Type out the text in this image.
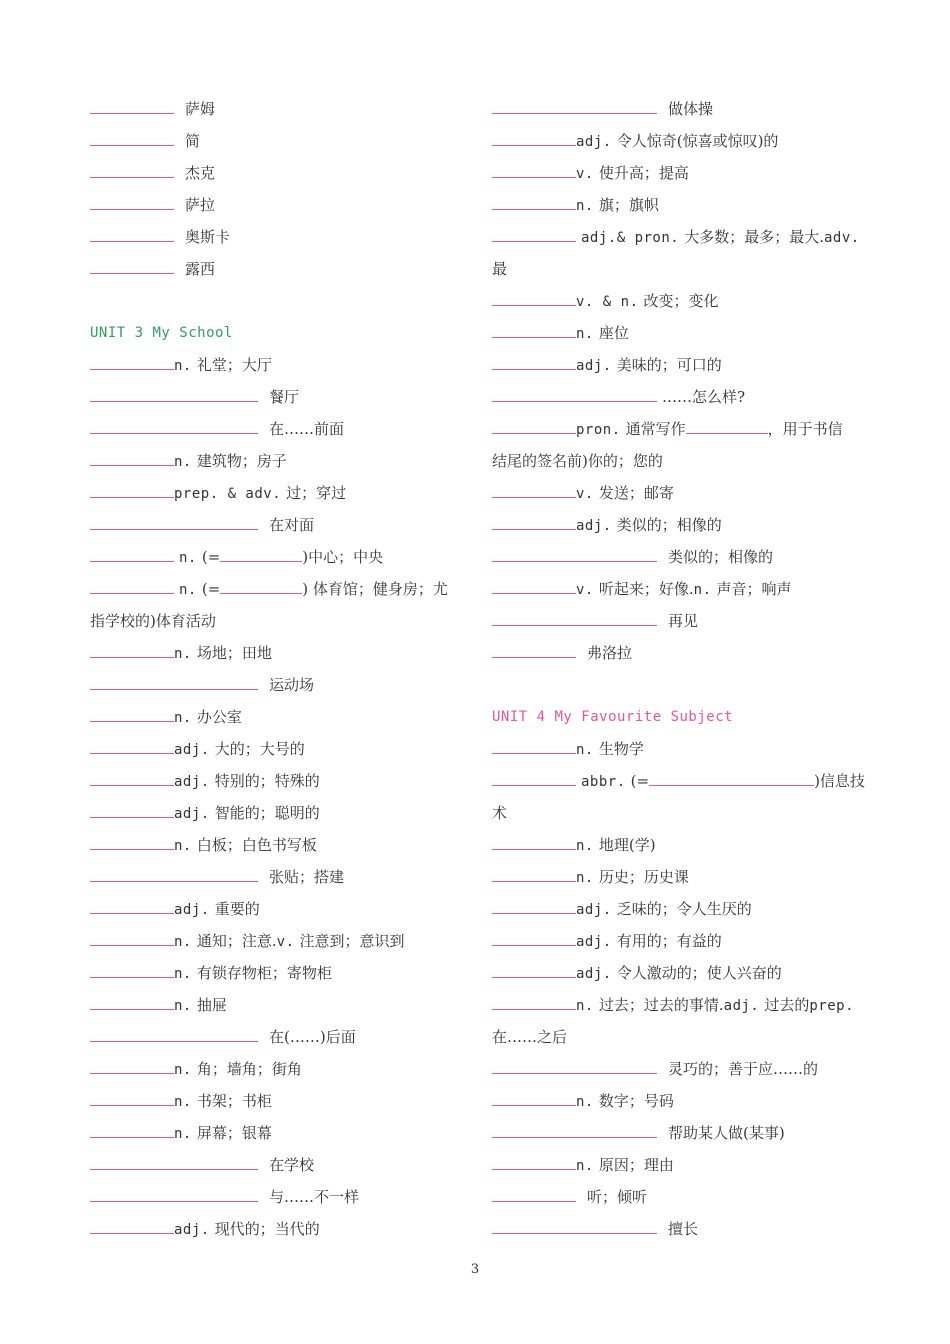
萨姆
简
杰克
萨拉
奥斯卡
露西
UNIT 3 My School
n. 礼堂；大厅
餐厅
在……前面
n. 建筑物；房子
prep. & adv. 过；穿过
在对面
n. (=	)中心；中央
n. (=	) 体育馆；健身房；尤
指学校的)体育活动
n. 场地；田地
运动场
n. 办公室
adj. 大的；大号的
adj. 特别的；特殊的
adj. 智能的；聪明的
n. 白板；白色书写板
张贴；搭建
adj. 重要的
n. 通知；注意.v. 注意到；意识到
n. 有锁存物柜；寄物柜
n. 抽屉
在(……)后面
n. 角；墙角；街角
n. 书架；书柜
n. 屏幕；银幕
在学校
与……不一样
adj. 现代的；当代的
做体操
adj. 令人惊奇(惊喜或惊叹)的
v. 使升高；提高
n. 旗；旗帜
adj.& pron. 大多数；最多；最大.adv.
最
v. & n. 改变；变化
n. 座位
adj. 美味的；可口的
……怎么样?
pron. 通常写作	，用于书信
结尾的签名前)你的；您的
v. 发送；邮寄
adj. 类似的；相像的
类似的；相像的
v. 听起来；好像.n. 声音；响声
再见
弗洛拉
UNIT 4 My Favourite Subject
n. 生物学
abbr. (=	)信息技
术
n. 地理(学)
n. 历史；历史课
adj. 乏味的；令人生厌的
adj. 有用的；有益的
adj. 令人激动的；使人兴奋的
n. 过去；过去的事情.adj. 过去的prep.
在……之后
灵巧的；善于应……的
n. 数字；号码
帮助某人做(某事)
n. 原因；理由
听；倾听
擅长
3
